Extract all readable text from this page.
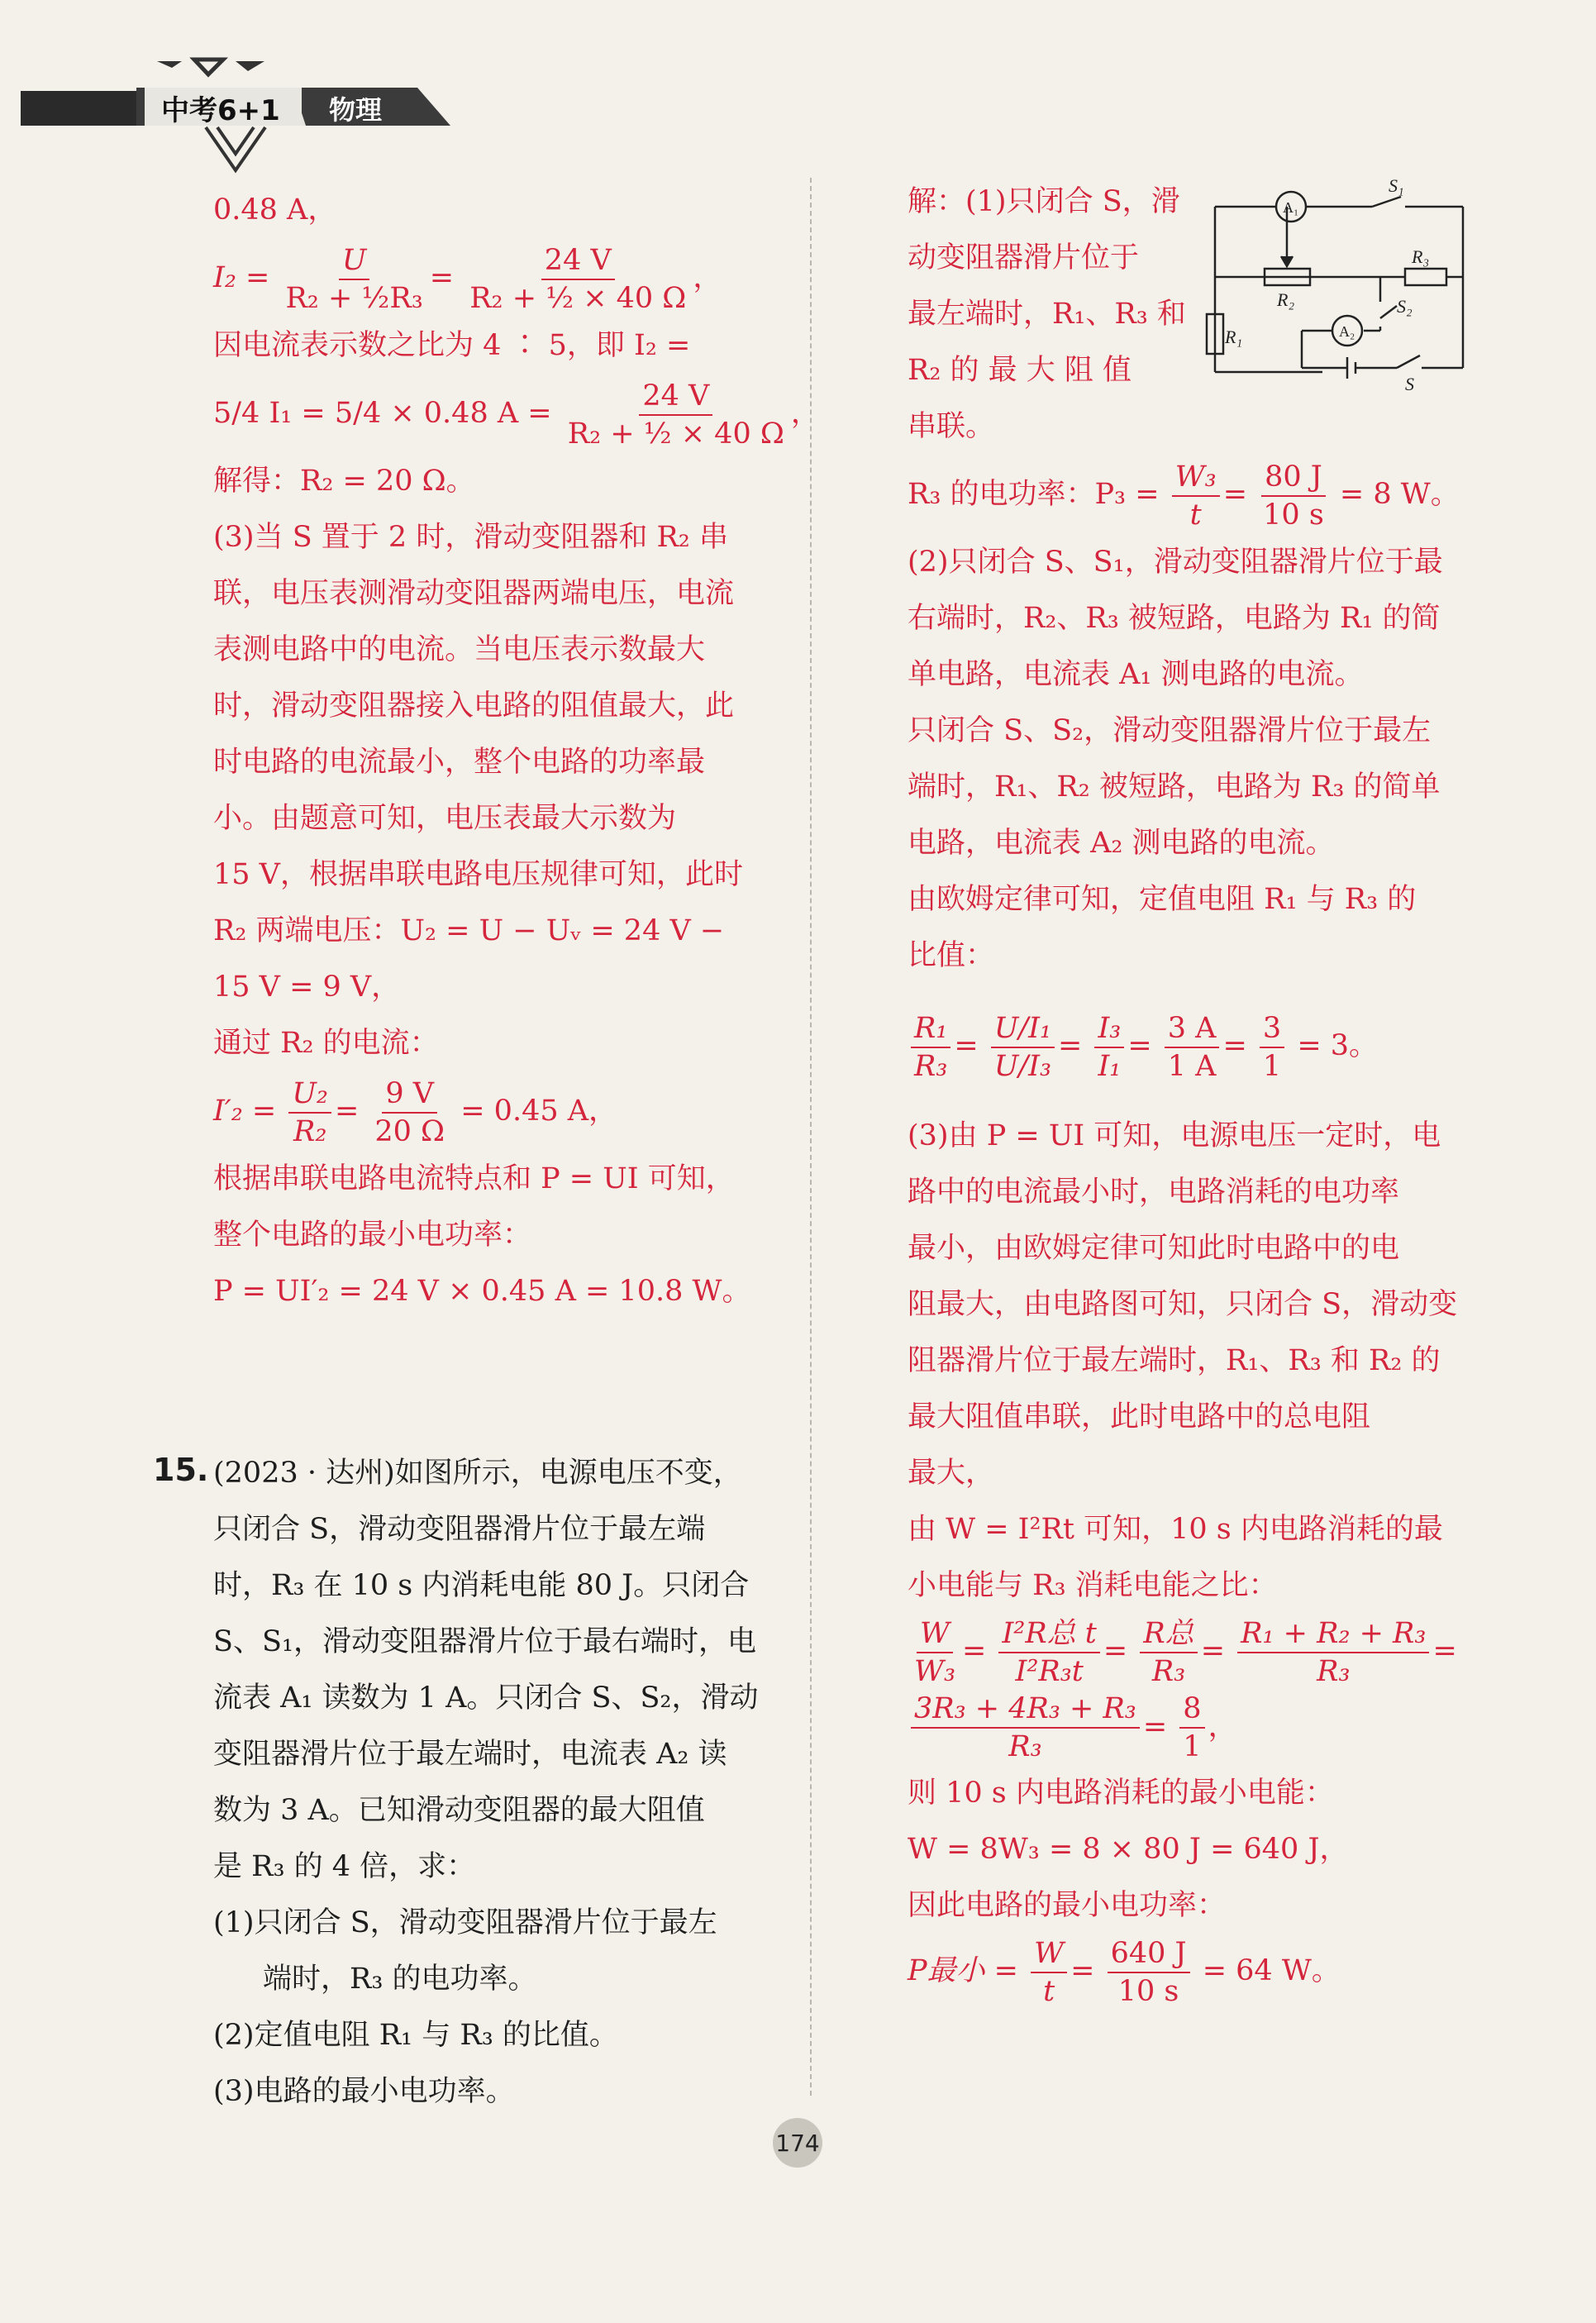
中考6+1 物理

0.48 A，

$I_2 = \frac{U}{\text{R₂ + ½R₃}} = \frac{24 V}{\text{R₂ + ½ × 40 Ω}}$ ，

因电流表示数之比为 4 ∶ 5，即 I₂ =

5/4 I₁ = 5/4 × 0.48 $A = \frac{24 V}{\text{R₂ + ½ × 40 Ω}}$ ，

解得：R₂ = 20 Ω。

(3)当 S 置于 2 时，滑动变阻器和 R₂ 串

联，电压表测滑动变阻器两端电压，电流

表测电路中的电流。当电压表示数最大

时，滑动变阻器接入电路的阻值最大，此

时电路的电流最小，整个电路的功率最

小。由题意可知，电压表最大示数为

15 V，根据串联电路电压规律可知，此时

R₂ 两端电压：U₂ = U − Uᵥ = 24 V −

15 V = 9 V，

通过 R₂ 的电流：

$I'_2 = \frac{\text{U₂}}{\text{R₂}} = \frac{9 V}{20 \Omega} = 0.45$ A，

根据串联电路电流特点和 P = UI 可知，

整个电路的最小电功率：

P = UI′₂ = 24 V × 0.45 A = 10.8 W。

15. (2023 · 达州)如图所示，电源电压不变，

只闭合 S，滑动变阻器滑片位于最左端

时，R₃ 在 10 s 内消耗电能 80 J。只闭合

S、S₁，滑动变阻器滑片位于最右端时，电

流表 A₁ 读数为 1 A。只闭合 S、S₂，滑动

变阻器滑片位于最左端时，电流表 A₂ 读

数为 3 A。已知滑动变阻器的最大阻值

是 R₃ 的 4 倍，求：

(1)只闭合 S，滑动变阻器滑片位于最左

端时，R₃ 的电功率。

(2)定值电阻 R₁ 与 R₃ 的比值。

(3)电路的最小电功率。

A₁
A₂
S₁
S₂
S
R₃
R₂
R₁

解：(1)只闭合 S，滑

动变阻器滑片位于

最左端时，R₁、R₃ 和

R₂ 的 最 大 阻 值

串联。

R₃ 的电功率：$P_3 = \frac{\text{W₃}}{t} = \frac{80 J}{10 s} = 8$ W。

(2)只闭合 S、S₁，滑动变阻器滑片位于最

右端时，R₂、R₃ 被短路，电路为 R₁ 的简

单电路，电流表 A₁ 测电路的电流。

只闭合 S、S₂，滑动变阻器滑片位于最左

端时，R₁、R₂ 被短路，电路为 R₃ 的简单

电路，电流表 A₂ 测电路的电流。

由欧姆定律可知，定值电阻 R₁ 与 R₃ 的

比值：

$\frac{\text{R₁}}{\text{R₃}} = \frac{\text{U/I₁}}{\text{U/I₃}} = \frac{\text{I₃}}{\text{I₁}} = \frac{3 A}{1 A} = \frac{3}{1} = 3$。

(3)由 P = UI 可知，电源电压一定时，电

路中的电流最小时，电路消耗的电功率

最小，由欧姆定律可知此时电路中的电

阻最大，由电路图可知，只闭合 S，滑动变

阻器滑片位于最左端时，R₁、R₃ 和 R₂ 的

最大阻值串联，此时电路中的总电阻

最大，

由 W = I²Rt 可知，10 s 内电路消耗的最

小电能与 R₃ 消耗电能之比：

$\frac{W}{\text{W₃}} = \frac{\text{I²R总 t}}{\text{I²R₃t}} = \frac{\text{R总}}{\text{R₃}} = \frac{\text{R₁ + R₂ + R₃}}{\text{R₃}}$ =

$\frac{\text{3R₃ + 4R₃ + R₃}}{\text{R₃}} = \frac{8}{1}$ ，

则 10 s 内电路消耗的最小电能：

W = 8W₃ = 8 × 80 J = 640 J，

因此电路的最小电功率：

P最小 = $\frac{W}{t} = \frac{640 J}{10 s} = 64$ W。

174
